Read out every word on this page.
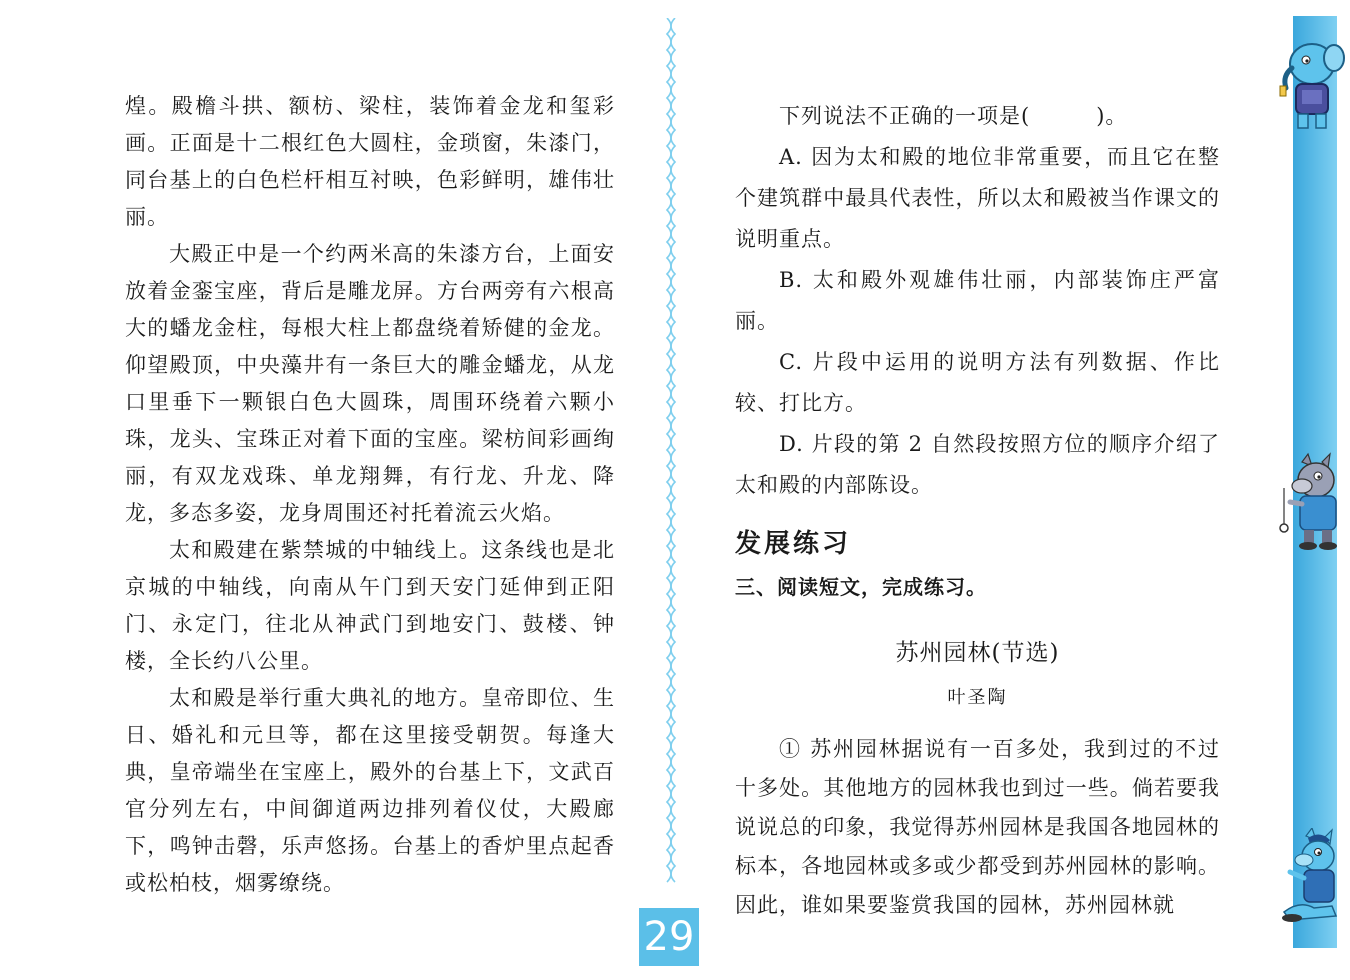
煌。殿檐斗拱、额枋、梁柱，装饰着金龙和玺彩画。正面是十二根红色大圆柱，金琐窗，朱漆门，同台基上的白色栏杆相互衬映，色彩鲜明，雄伟壮丽。

大殿正中是一个约两米高的朱漆方台，上面安放着金銮宝座，背后是雕龙屏。方台两旁有六根高大的蟠龙金柱，每根大柱上都盘绕着矫健的金龙。仰望殿顶，中央藻井有一条巨大的雕金蟠龙，从龙口里垂下一颗银白色大圆珠，周围环绕着六颗小珠，龙头、宝珠正对着下面的宝座。梁枋间彩画绚丽，有双龙戏珠、单龙翔舞，有行龙、升龙、降龙，多态多姿，龙身周围还衬托着流云火焰。

太和殿建在紫禁城的中轴线上。这条线也是北京城的中轴线，向南从午门到天安门延伸到正阳门、永定门，往北从神武门到地安门、鼓楼、钟楼，全长约八公里。

太和殿是举行重大典礼的地方。皇帝即位、生日、婚礼和元旦等，都在这里接受朝贺。每逢大典，皇帝端坐在宝座上，殿外的台基上下，文武百官分列左右，中间御道两边排列着仪仗，大殿廊下，鸣钟击磬，乐声悠扬。台基上的香炉里点起香或松柏枝，烟雾缭绕。

下列说法不正确的一项是(　　　)。

A. 因为太和殿的地位非常重要，而且它在整个建筑群中最具代表性，所以太和殿被当作课文的说明重点。

B. 太和殿外观雄伟壮丽，内部装饰庄严富丽。

C. 片段中运用的说明方法有列数据、作比较、打比方。

D. 片段的第 2 自然段按照方位的顺序介绍了太和殿的内部陈设。

发展练习
三、阅读短文，完成练习。
苏州园林(节选)
叶圣陶

① 苏州园林据说有一百多处，我到过的不过十多处。其他地方的园林我也到过一些。倘若要我说说总的印象，我觉得苏州园林是我国各地园林的标本，各地园林或多或少都受到苏州园林的影响。因此，谁如果要鉴赏我国的园林，苏州园林就

29
